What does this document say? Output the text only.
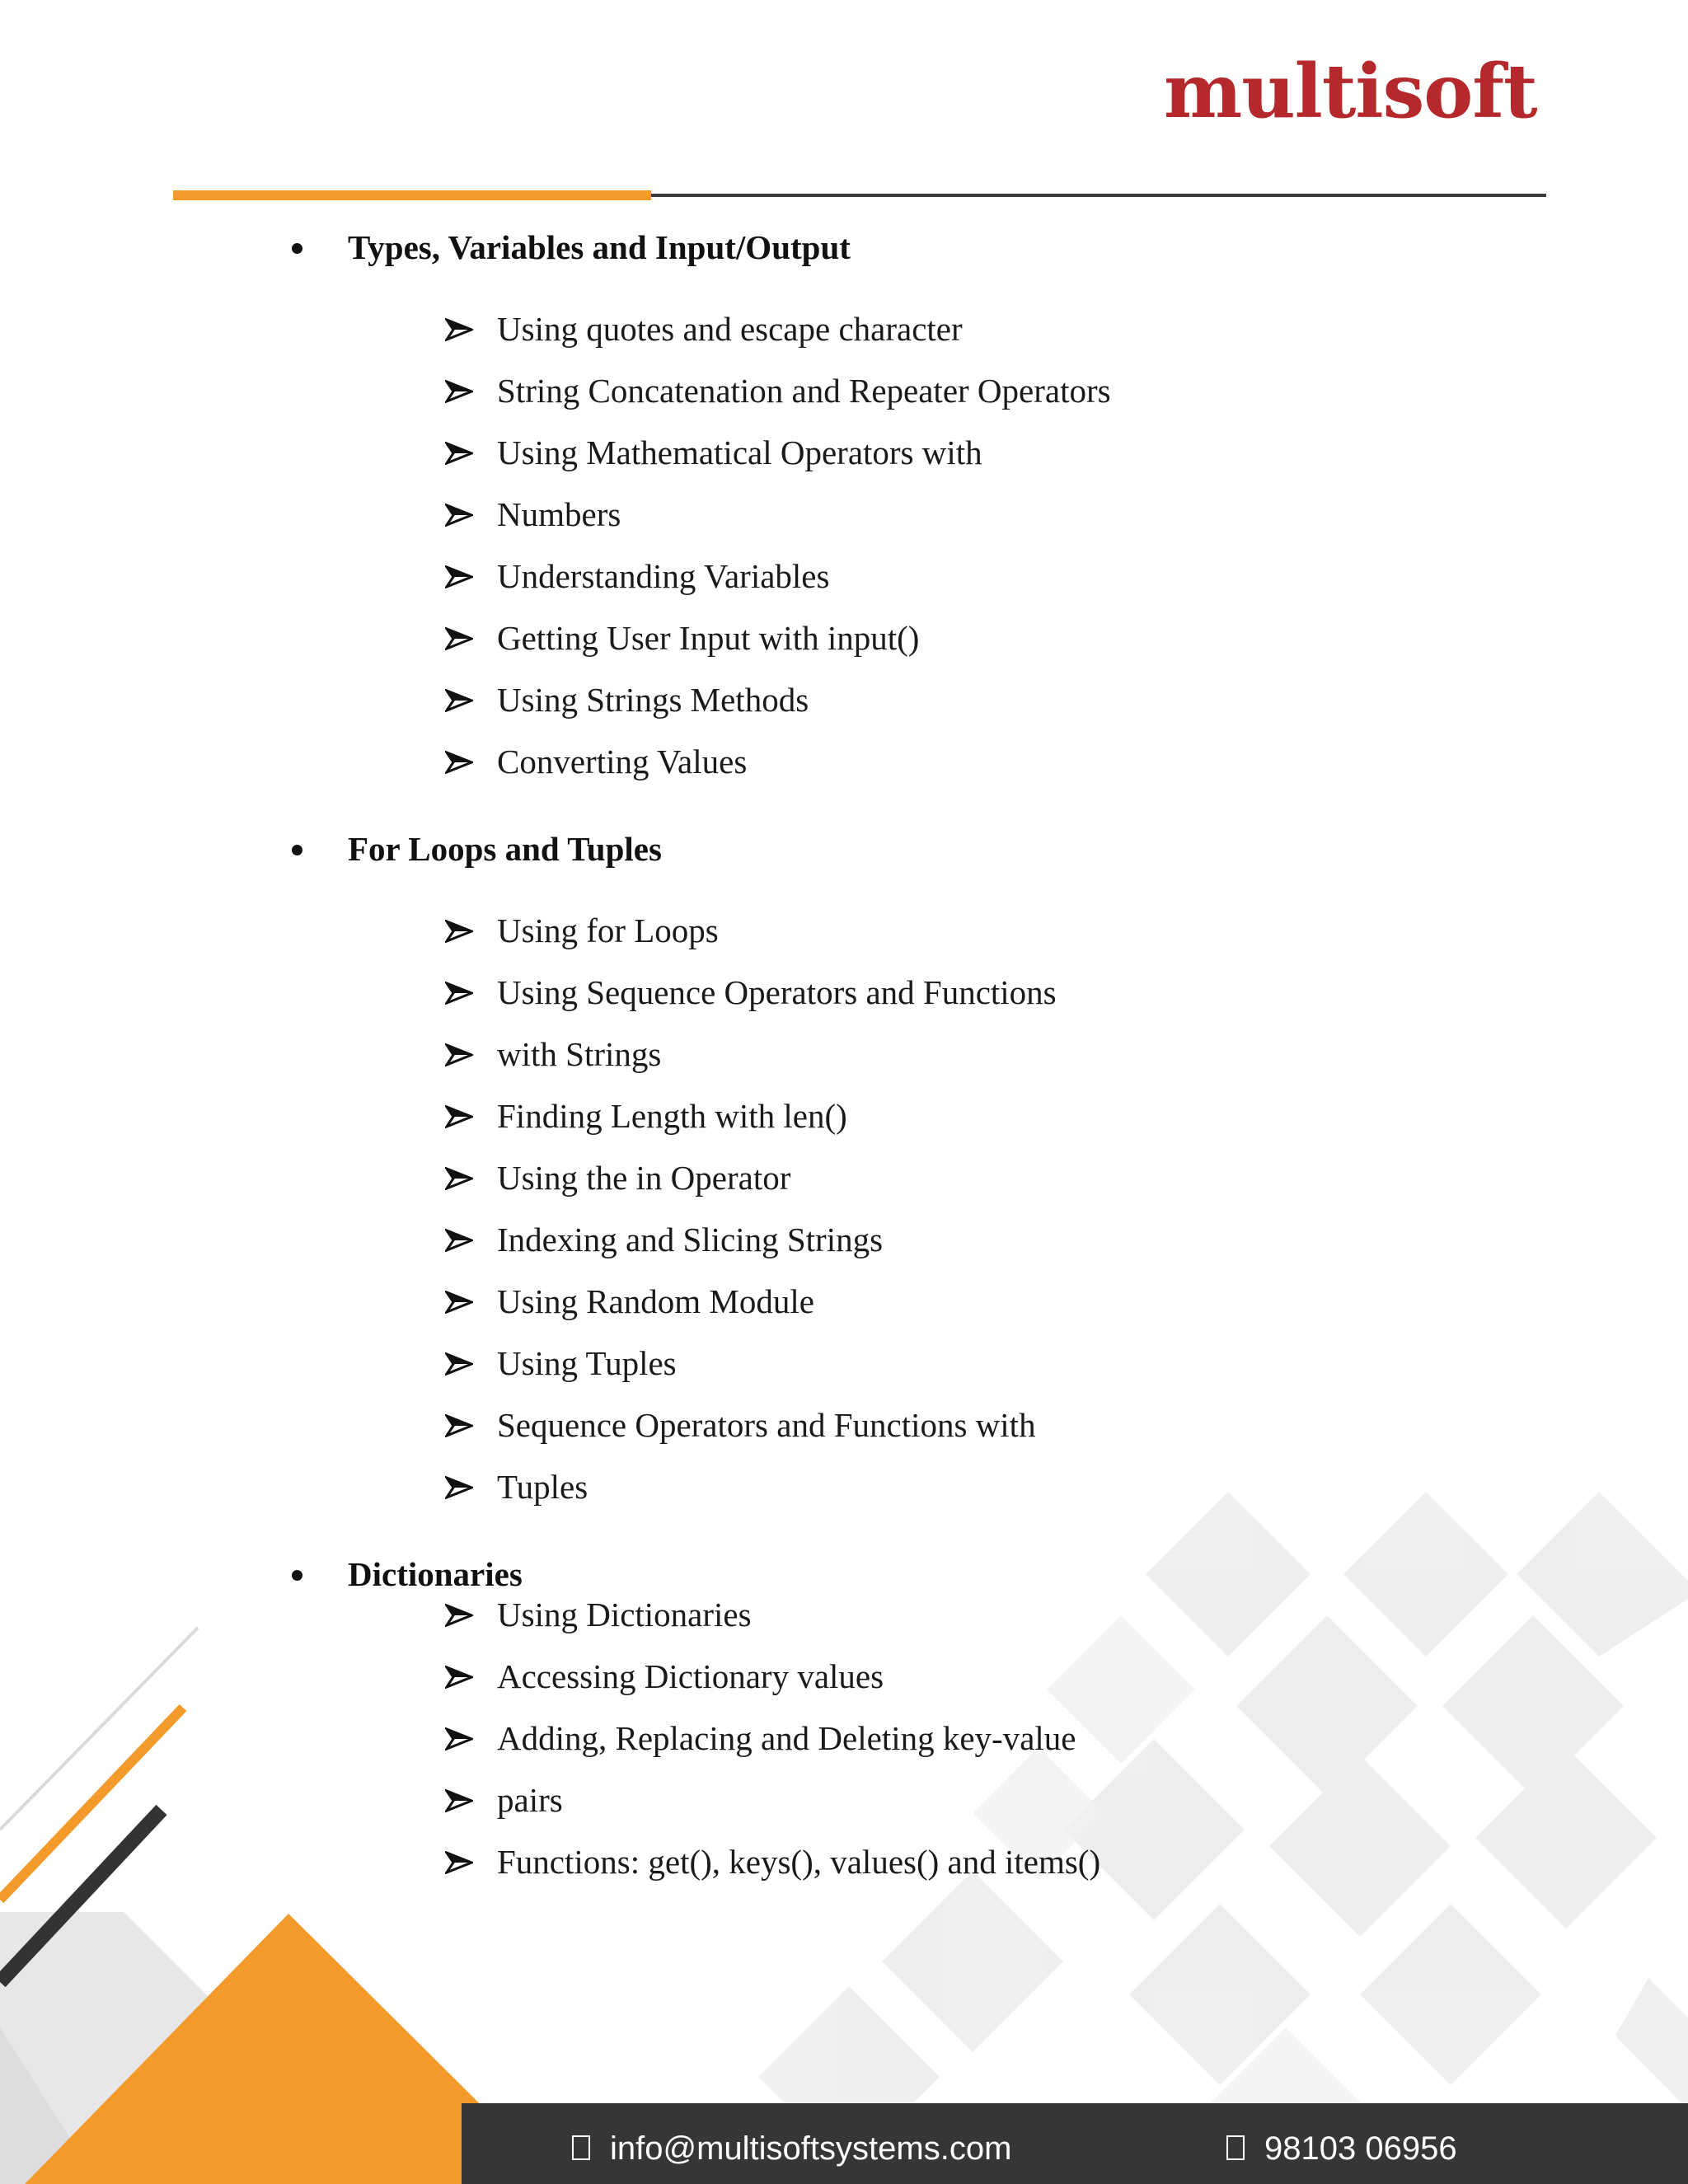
multisoft
Types, Variables and Input/Output
Using quotes and escape character
String Concatenation and Repeater Operators
Using Mathematical Operators with
Numbers
Understanding Variables
Getting User Input with input()
Using Strings Methods
Converting Values
For Loops and Tuples
Using for Loops
Using Sequence Operators and Functions
with Strings
Finding Length with len()
Using the in Operator
Indexing and Slicing Strings
Using Random Module
Using Tuples
Sequence Operators and Functions with
Tuples
Dictionaries
Using Dictionaries
Accessing Dictionary values
Adding, Replacing and Deleting key-value
pairs
Functions: get(), keys(), values() and items()
info@multisoftsystems.com	98103 06956
